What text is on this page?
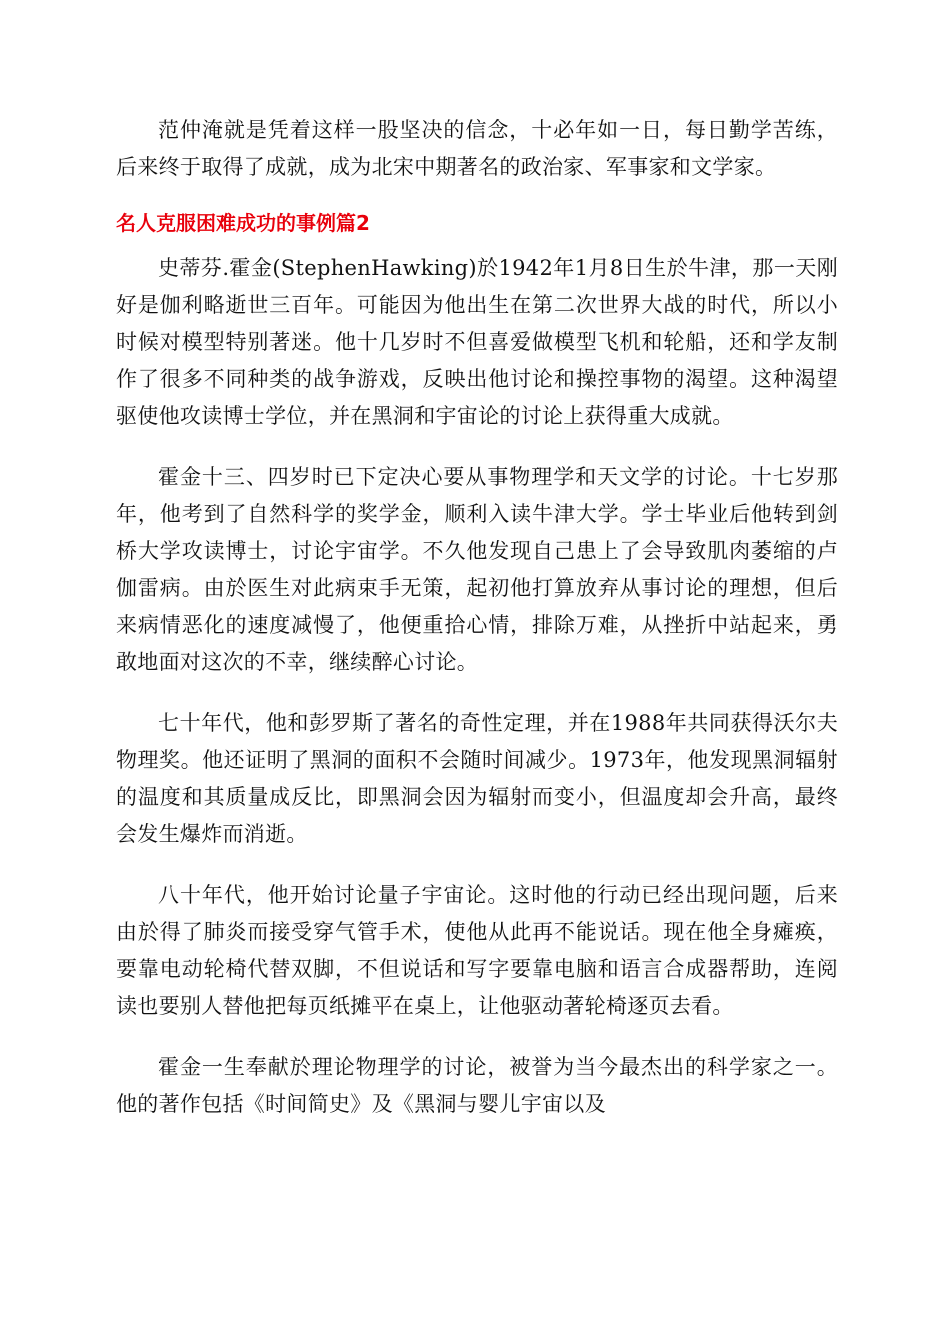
范仲淹就是凭着这样一股坚决的信念，十必年如一日，每日勤学苦练，后来终于取得了成就，成为北宋中期著名的政治家、军事家和文学家。

名人克服困难成功的事例篇2

史蒂芬.霍金(StephenHawking)於1942年1月8日生於牛津，那一天刚好是伽利略逝世三百年。可能因为他出生在第二次世界大战的时代，所以小时候对模型特别著迷。他十几岁时不但喜爱做模型飞机和轮船，还和学友制作了很多不同种类的战争游戏，反映出他讨论和操控事物的渴望。这种渴望驱使他攻读博士学位，并在黑洞和宇宙论的讨论上获得重大成就。

霍金十三、四岁时已下定决心要从事物理学和天文学的讨论。十七岁那年，他考到了自然科学的奖学金，顺利入读牛津大学。学士毕业后他转到剑桥大学攻读博士，讨论宇宙学。不久他发现自己患上了会导致肌肉萎缩的卢伽雷病。由於医生对此病束手无策，起初他打算放弃从事讨论的理想，但后来病情恶化的速度减慢了，他便重拾心情，排除万难，从挫折中站起来，勇敢地面对这次的不幸，继续醉心讨论。

七十年代，他和彭罗斯了著名的奇性定理，并在1988年共同获得沃尔夫物理奖。他还证明了黑洞的面积不会随时间减少。1973年，他发现黑洞辐射的温度和其质量成反比，即黑洞会因为辐射而变小，但温度却会升高，最终会发生爆炸而消逝。

八十年代，他开始讨论量子宇宙论。这时他的行动已经出现问题，后来由於得了肺炎而接受穿气管手术，使他从此再不能说话。现在他全身瘫痪，要靠电动轮椅代替双脚，不但说话和写字要靠电脑和语言合成器帮助，连阅读也要别人替他把每页纸摊平在桌上，让他驱动著轮椅逐页去看。

霍金一生奉献於理论物理学的讨论，被誉为当今最杰出的科学家之一。他的著作包括《时间简史》及《黑洞与婴儿宇宙以及
